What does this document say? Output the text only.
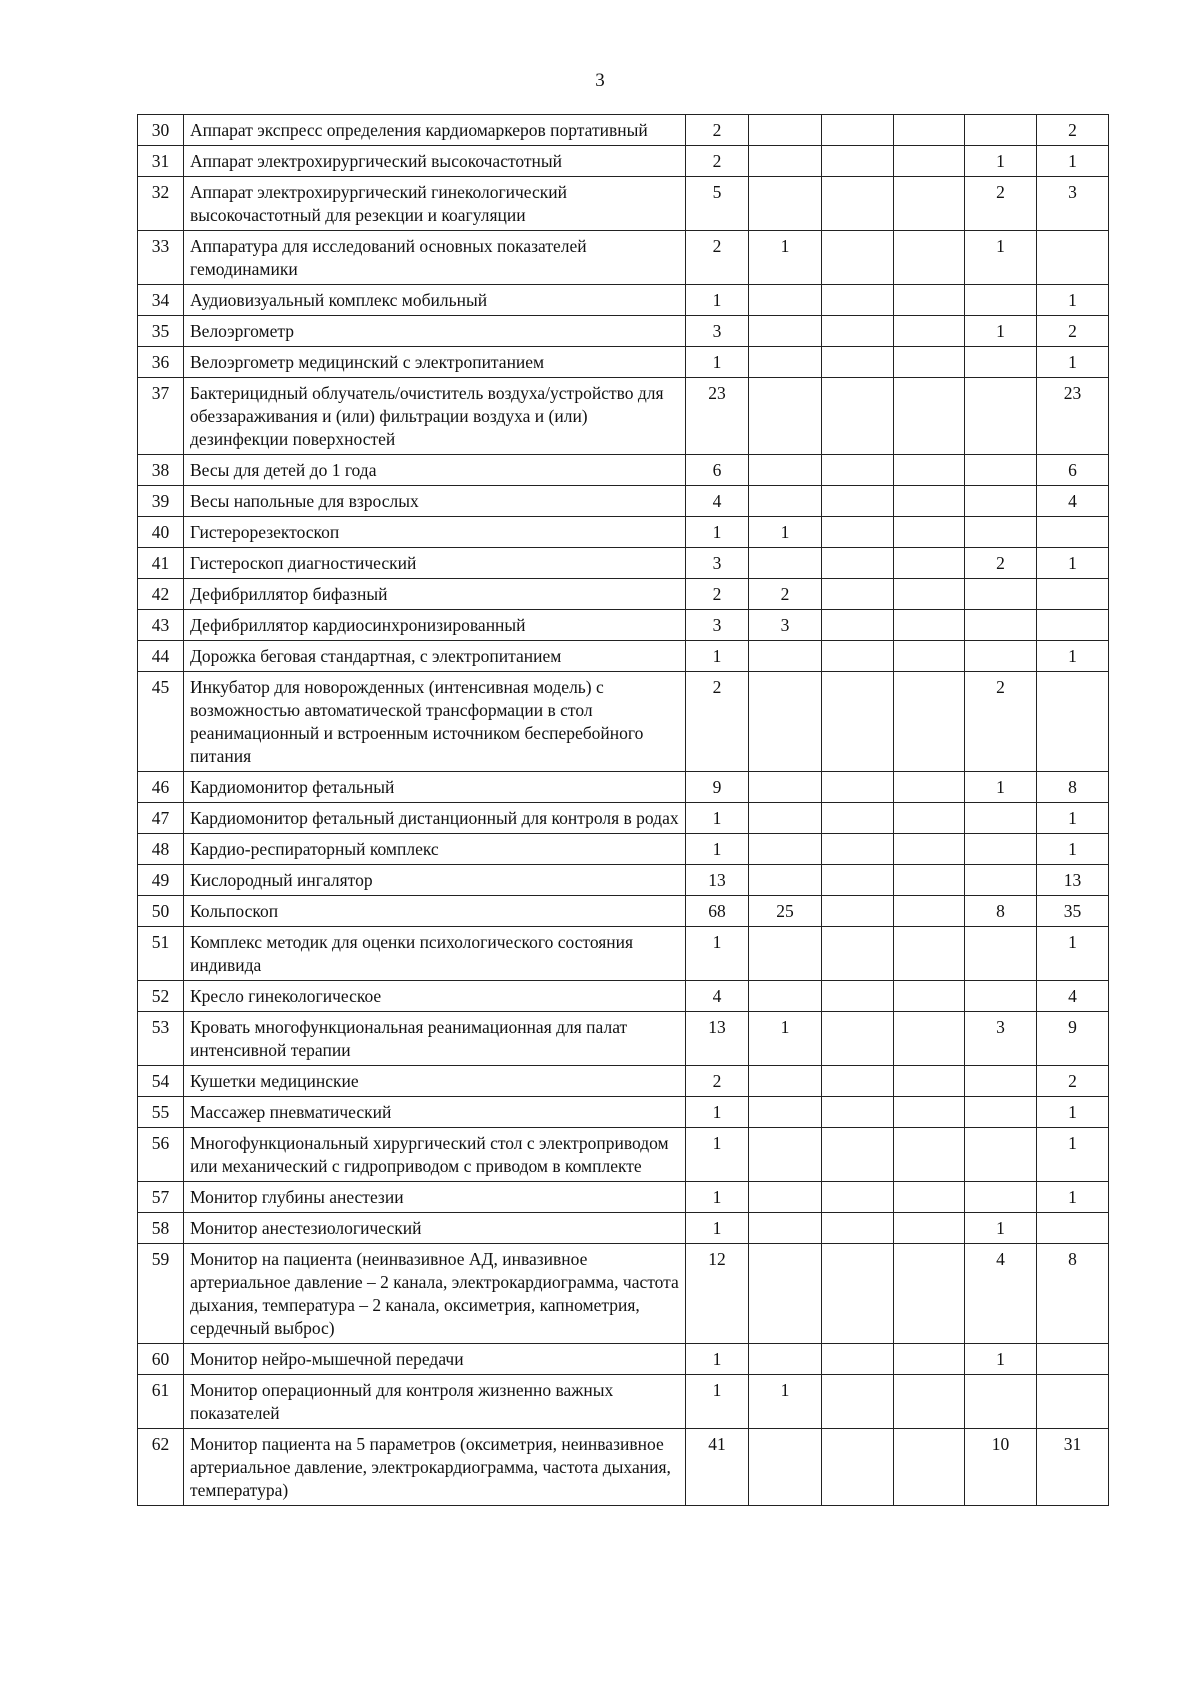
3
30	Аппарат экспресс определения кардиомаркеров портативный	2					2
31	Аппарат электрохирургический высокочастотный	2				1	1
32	Аппарат электрохирургический гинекологический высокочастотный для резекции и коагуляции	5				2	3
33	Аппаратура для исследований основных показателей гемодинамики	2	1			1	
34	Аудиовизуальный комплекс мобильный	1					1
35	Велоэргометр	3				1	2
36	Велоэргометр медицинский с электропитанием	1					1
37	Бактерицидный облучатель/очиститель воздуха/устройство для обеззараживания и (или) фильтрации воздуха и (или) дезинфекции поверхностей	23					23
38	Весы для детей до 1 года	6					6
39	Весы напольные для взрослых	4					4
40	Гистерорезектоскоп	1	1				
41	Гистероскоп диагностический	3				2	1
42	Дефибриллятор бифазный	2	2				
43	Дефибриллятор кардиосинхронизированный	3	3				
44	Дорожка беговая стандартная, с электропитанием	1					1
45	Инкубатор для новорожденных (интенсивная модель) с возможностью автоматической трансформации в стол реанимационный и встроенным источником бесперебойного питания	2				2	
46	Кардиомонитор фетальный	9				1	8
47	Кардиомонитор фетальный дистанционный для контроля в родах	1					1
48	Кардио-респираторный комплекс	1					1
49	Кислородный ингалятор	13					13
50	Кольпоскоп	68	25			8	35
51	Комплекс методик для оценки психологического состояния индивида	1					1
52	Кресло гинекологическое	4					4
53	Кровать многофункциональная реанимационная для палат интенсивной терапии	13	1			3	9
54	Кушетки медицинские	2					2
55	Массажер пневматический	1					1
56	Многофункциональный хирургический стол с электроприводом или механический с гидроприводом с приводом в комплекте	1					1
57	Монитор глубины анестезии	1					1
58	Монитор анестезиологический	1				1	
59	Монитор на пациента (неинвазивное АД, инвазивное артериальное давление – 2 канала, электрокардиограмма, частота дыхания, температура – 2 канала, оксиметрия, капнометрия, сердечный выброс)	12				4	8
60	Монитор нейро-мышечной передачи	1				1	
61	Монитор операционный для контроля жизненно важных показателей	1	1				
62	Монитор пациента на 5 параметров (оксиметрия, неинвазивное артериальное давление, электрокардиограмма, частота дыхания, температура)	41				10	31
